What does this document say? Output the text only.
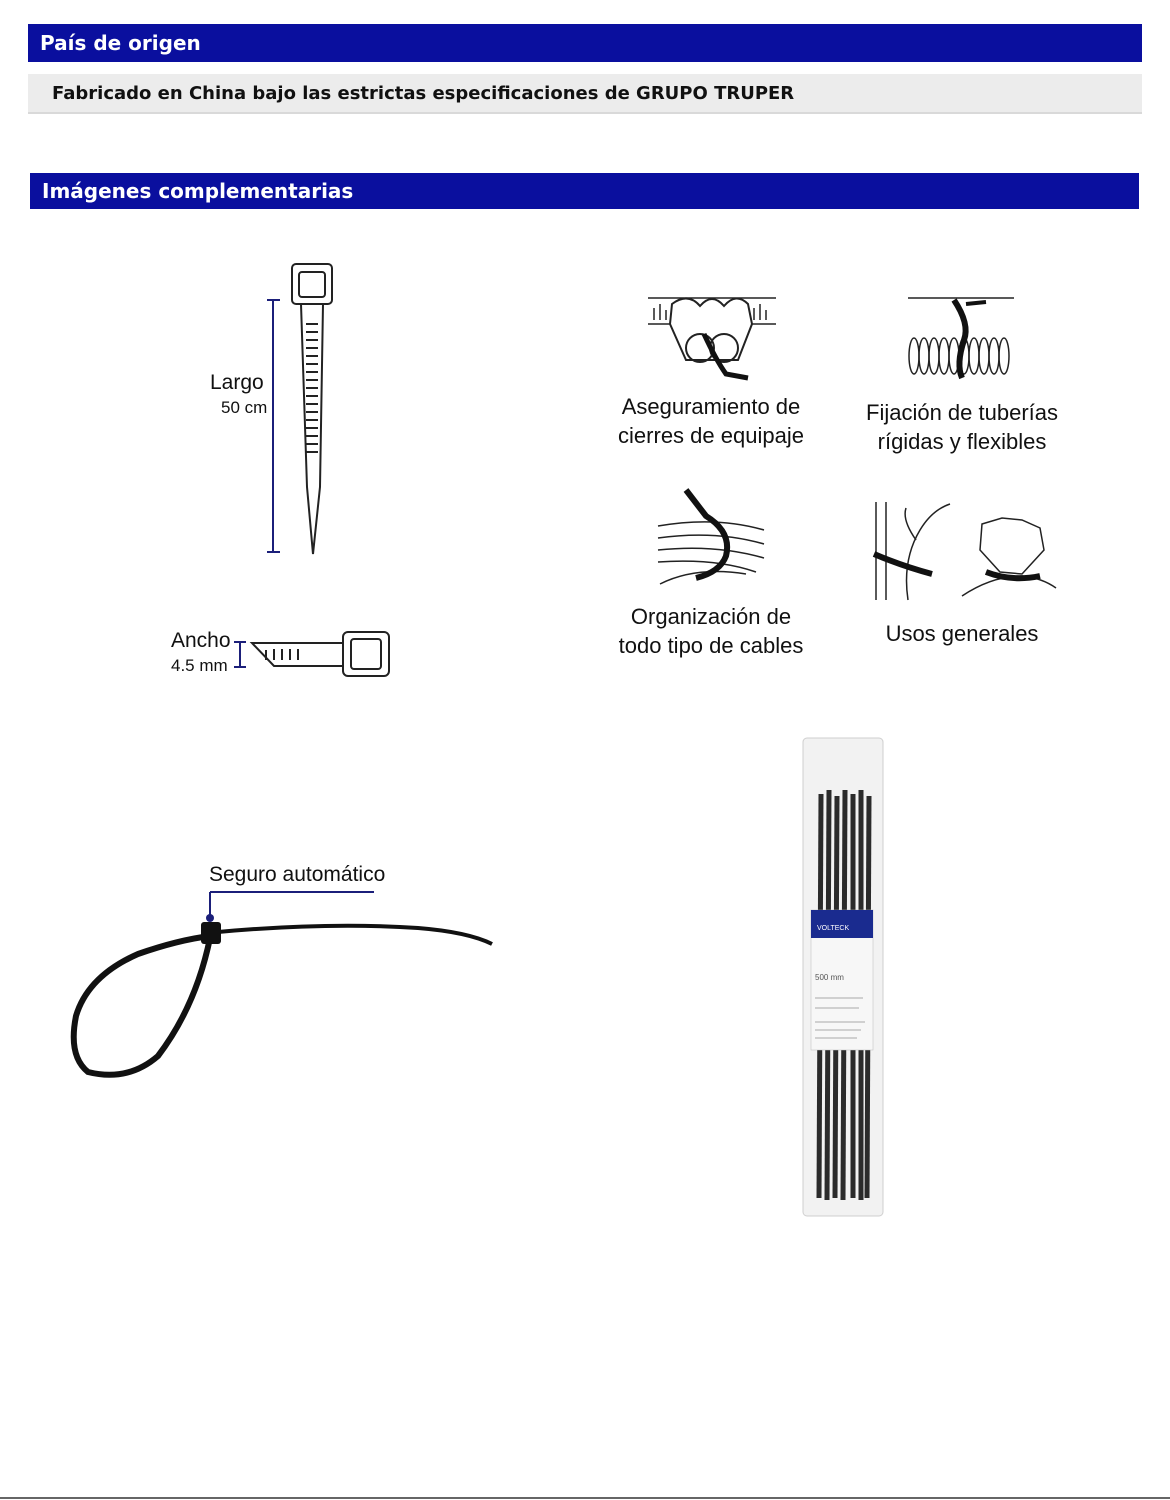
País de origen
Fabricado en China bajo las estrictas especificaciones de GRUPO TRUPER
Imágenes complementarias
Largo
50 cm
Ancho
4.5 mm
Aseguramiento de
cierres de equipaje
Fijación de tuberías
rígidas y flexibles
Organización de
todo tipo de cables	Usos generales
Seguro automático
VOLTECK
500 mm
